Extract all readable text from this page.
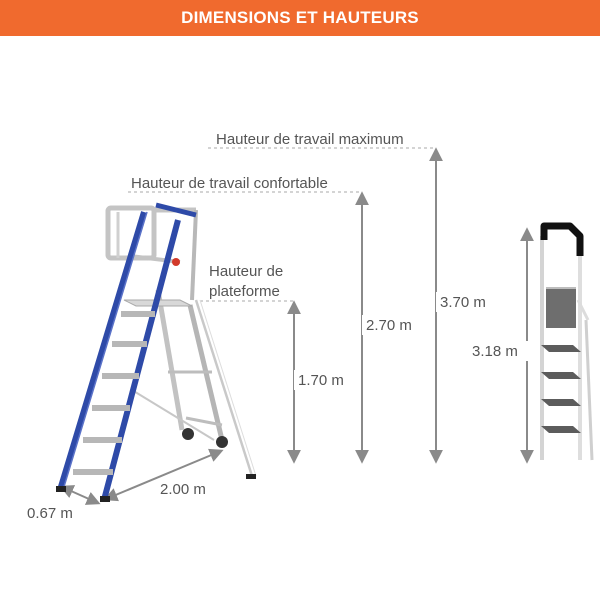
DIMENSIONS ET HAUTEURS
Hauteur de travail maximum
Hauteur de travail confortable
Hauteur de
plateforme
3.70 m
2.70 m
1.70 m
3.18 m
2.00 m
0.67 m
